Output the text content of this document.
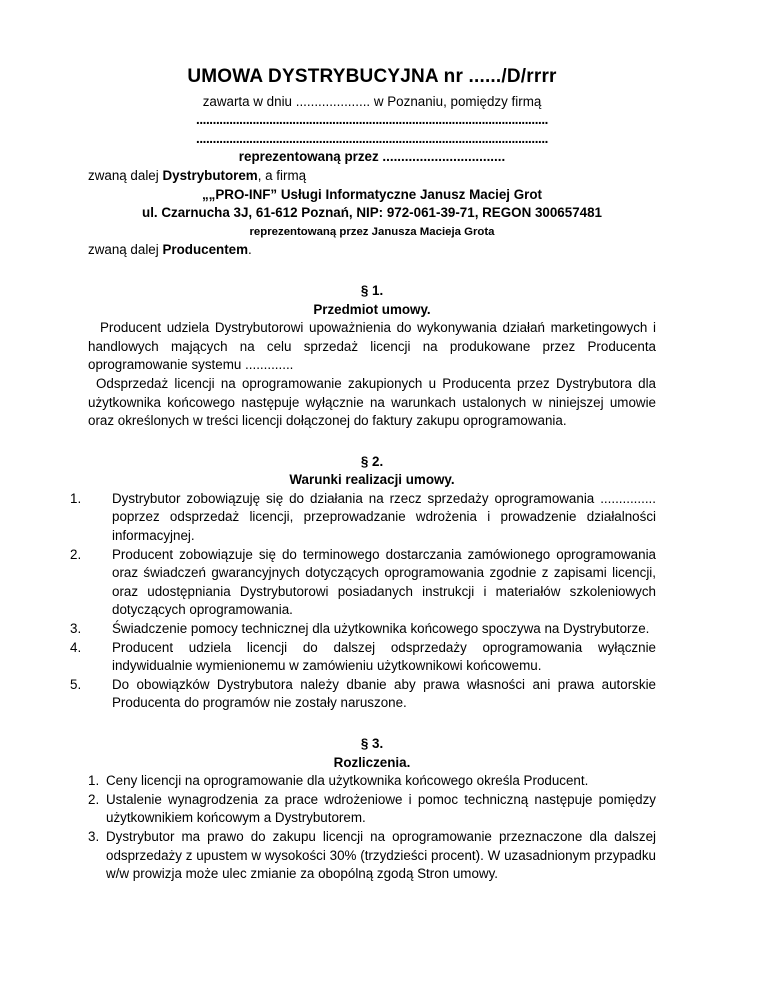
UMOWA DYSTRYBUCYJNA nr ....../D/rrrr
zawarta w dniu .................... w Poznaniu, pomiędzy firmą
..........................................................................................................
..........................................................................................................
reprezentowaną przez .................................
zwaną dalej Dystrybutorem, a firmą
„„PRO-INF” Usługi Informatyczne Janusz Maciej Grot
ul. Czarnucha 3J, 61-612 Poznań, NIP: 972-061-39-71, REGON 300657481
reprezentowaną przez Janusza Macieja Grota
zwaną dalej Producentem.
§ 1.
Przedmiot umowy.
Producent udziela Dystrybutorowi upoważnienia do wykonywania działań marketingowych i handlowych mających na celu sprzedaż licencji na produkowane przez Producenta oprogramowanie systemu .............
Odsprzedaż licencji na oprogramowanie zakupionych u Producenta przez Dystrybutora dla użytkownika końcowego następuje wyłącznie na warunkach ustalonych w niniejszej umowie oraz określonych w treści licencji dołączonej do faktury zakupu oprogramowania.
§ 2.
Warunki realizacji umowy.
1.	Dystrybutor zobowiązuję się do działania na rzecz sprzedaży oprogramowania ............... poprzez odsprzedaż licencji, przeprowadzanie wdrożenia i prowadzenie działalności informacyjnej.
2.	Producent zobowiązuje się do terminowego dostarczania zamówionego oprogramowania oraz świadczeń gwarancyjnych dotyczących oprogramowania zgodnie z zapisami licencji, oraz udostępniania Dystrybutorowi posiadanych instrukcji i materiałów szkoleniowych dotyczących oprogramowania.
3.	Świadczenie pomocy technicznej dla użytkownika końcowego spoczywa na Dystrybutorze.
4.	Producent udziela licencji do dalszej odsprzedaży oprogramowania wyłącznie indywidualnie wymienionemu w zamówieniu użytkownikowi końcowemu.
5.	Do obowiązków Dystrybutora należy dbanie aby prawa własności ani prawa autorskie Producenta do programów nie zostały naruszone.
§ 3.
Rozliczenia.
1. Ceny licencji na oprogramowanie dla użytkownika końcowego określa Producent.
2. Ustalenie wynagrodzenia za prace wdrożeniowe i pomoc techniczną następuje pomiędzy użytkownikiem końcowym a Dystrybutorem.
3. Dystrybutor ma prawo do zakupu licencji na oprogramowanie przeznaczone dla dalszej odsprzedaży z upustem w wysokości 30% (trzydzieści procent). W uzasadnionym przypadku w/w prowizja może ulec zmianie za obopólną zgodą Stron umowy.
